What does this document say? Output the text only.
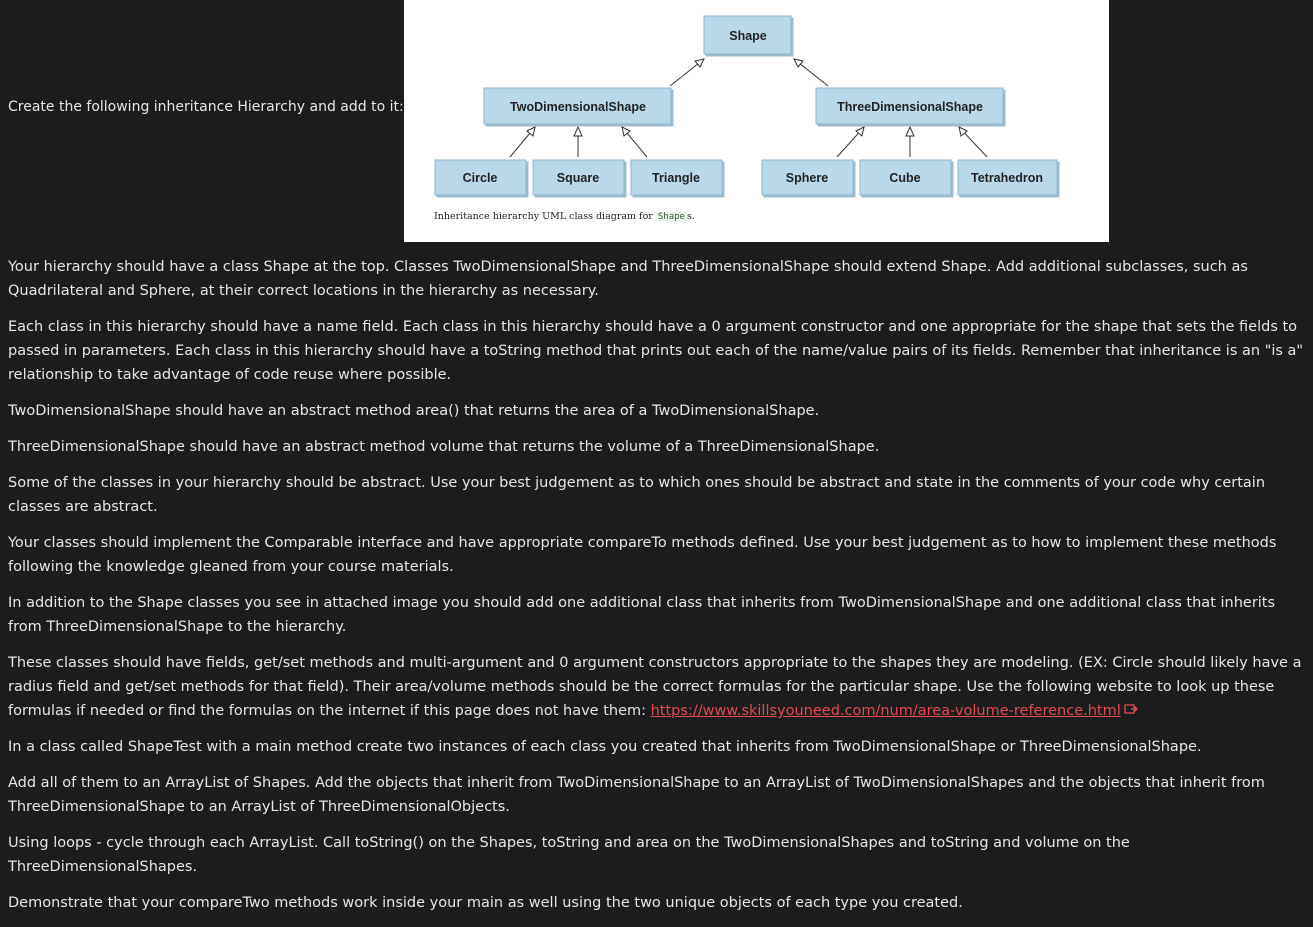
Create the following inheritance Hierarchy and add to it:
Shape
TwoDimensionalShape	ThreeDimensionalShape
Circle	Square	Triangle	Sphere	Cube	Tetrahedron
Inheritance hierarchy UML class diagram for Shape s.

Your hierarchy should have a class Shape at the top. Classes TwoDimensionalShape and ThreeDimensionalShape should extend Shape. Add additional subclasses, such as Quadrilateral and Sphere, at their correct locations in the hierarchy as necessary.

Each class in this hierarchy should have a name field. Each class in this hierarchy should have a 0 argument constructor and one appropriate for the shape that sets the fields to passed in parameters. Each class in this hierarchy should have a toString method that prints out each of the name/value pairs of its fields. Remember that inheritance is an "is a" relationship to take advantage of code reuse where possible.

TwoDimensionalShape should have an abstract method area() that returns the area of a TwoDimensionalShape.

ThreeDimensionalShape should have an abstract method volume that returns the volume of a ThreeDimensionalShape.

Some of the classes in your hierarchy should be abstract. Use your best judgement as to which ones should be abstract and state in the comments of your code why certain classes are abstract.

Your classes should implement the Comparable interface and have appropriate compareTo methods defined. Use your best judgement as to how to implement these methods following the knowledge gleaned from your course materials.

In addition to the Shape classes you see in attached image you should add one additional class that inherits from TwoDimensionalShape and one additional class that inherits from ThreeDimensionalShape to the hierarchy.

These classes should have fields, get/set methods and multi-argument and 0 argument constructors appropriate to the shapes they are modeling. (EX: Circle should likely have a radius field and get/set methods for that field). Their area/volume methods should be the correct formulas for the particular shape. Use the following website to look up these formulas if needed or find the formulas on the internet if this page does not have them: https://www.skillsyouneed.com/num/area-volume-reference.html

In a class called ShapeTest with a main method create two instances of each class you created that inherits from TwoDimensionalShape or ThreeDimensionalShape.

Add all of them to an ArrayList of Shapes. Add the objects that inherit from TwoDimensionalShape to an ArrayList of TwoDimensionalShapes and the objects that inherit from ThreeDimensionalShape to an ArrayList of ThreeDimensionalObjects.

Using loops - cycle through each ArrayList. Call toString() on the Shapes, toString and area on the TwoDimensionalShapes and toString and volume on the ThreeDimensionalShapes.

Demonstrate that your compareTwo methods work inside your main as well using the two unique objects of each type you created.
